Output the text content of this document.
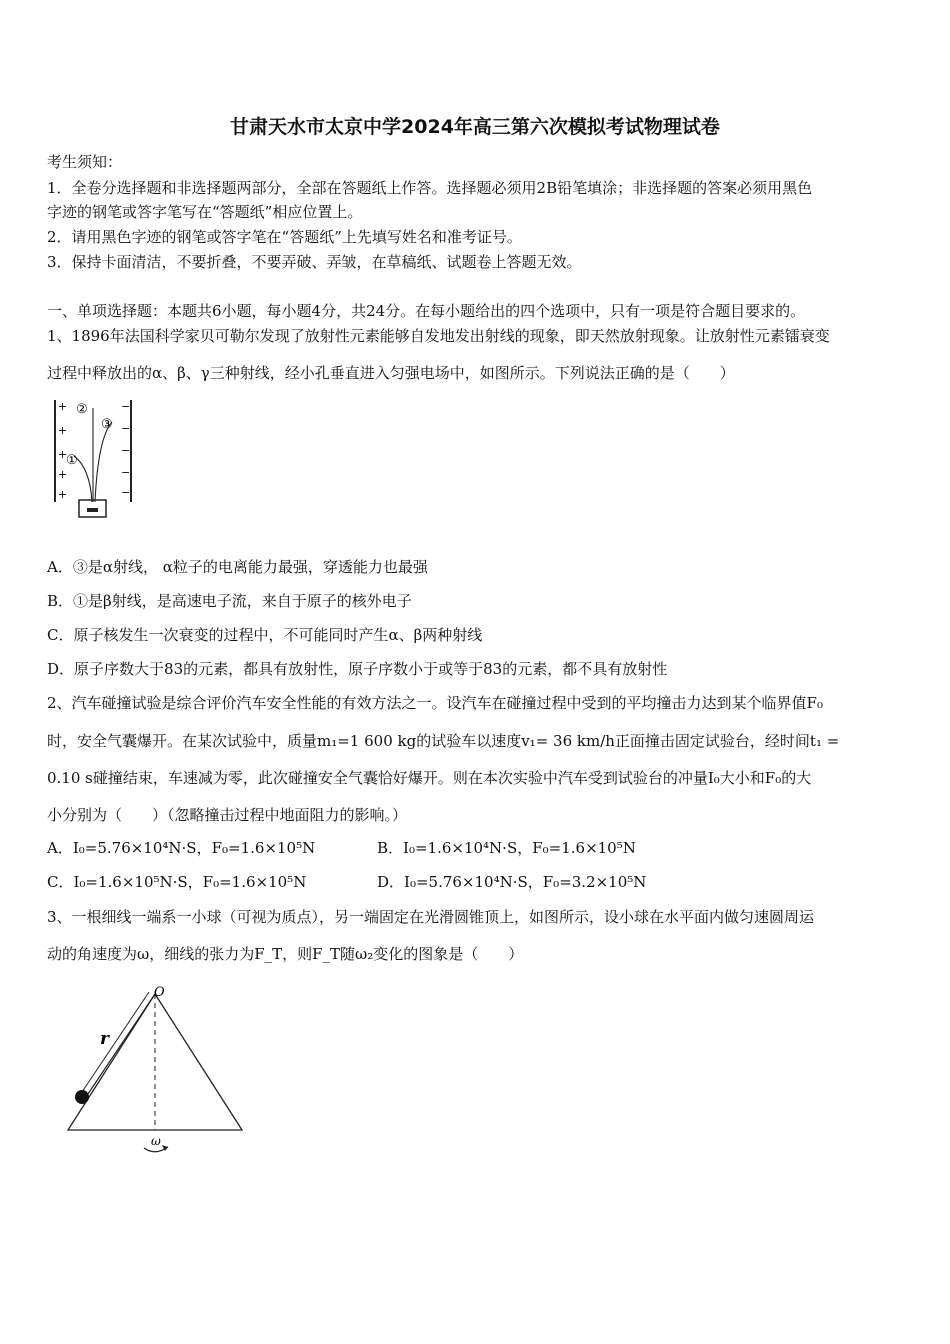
甘肃天水市太京中学2024年高三第六次模拟考试物理试卷
考生须知：
1．全卷分选择题和非选择题两部分，全部在答题纸上作答。选择题必须用2B铅笔填涂；非选择题的答案必须用黑色
字迹的钢笔或答字笔写在“答题纸”相应位置上。
2．请用黑色字迹的钢笔或答字笔在“答题纸”上先填写姓名和准考证号。
3．保持卡面清洁，不要折叠，不要弄破、弄皱，在草稿纸、试题卷上答题无效。
一、单项选择题：本题共6小题，每小题4分，共24分。在每小题给出的四个选项中，只有一项是符合题目要求的。
1、1896年法国科学家贝可勒尔发现了放射性元素能够自发地发出射线的现象，即天然放射现象。让放射性元素镭衰变
过程中释放出的α、β、γ三种射线，经小孔垂直进入匀强电场中，如图所示。下列说法正确的是（　　）
+
+
+
+
+
−
−
−
−
−
①
②
③
A．③是α射线， α粒子的电离能力最强，穿透能力也最强
B．①是β射线，是高速电子流，来自于原子的核外电子
C．原子核发生一次衰变的过程中，不可能同时产生α、β两种射线
D．原子序数大于83的元素，都具有放射性，原子序数小于或等于83的元素，都不具有放射性
2、汽车碰撞试验是综合评价汽车安全性能的有效方法之一。设汽车在碰撞过程中受到的平均撞击力达到某个临界值F₀
时，安全气囊爆开。在某次试验中，质量m₁=1 600 kg的试验车以速度v₁= 36 km/h正面撞击固定试验台，经时间t₁ =
0.10 s碰撞结束，车速减为零，此次碰撞安全气囊恰好爆开。则在本次实验中汽车受到试验台的冲量I₀大小和F₀的大
小分别为（　　）（忽略撞击过程中地面阻力的影响。）
A．I₀=5.76×10⁴N·S，F₀=1.6×10⁵N	B．I₀=1.6×10⁴N·S，F₀=1.6×10⁵N
C．I₀=1.6×10⁵N·S，F₀=1.6×10⁵N	D．I₀=5.76×10⁴N·S，F₀=3.2×10⁵N
3、一根细线一端系一小球（可视为质点），另一端固定在光滑圆锥顶上，如图所示，设小球在水平面内做匀速圆周运
动的角速度为ω，细线的张力为F_T，则F_T随ω₂变化的图象是（　　）
O
r
ω
